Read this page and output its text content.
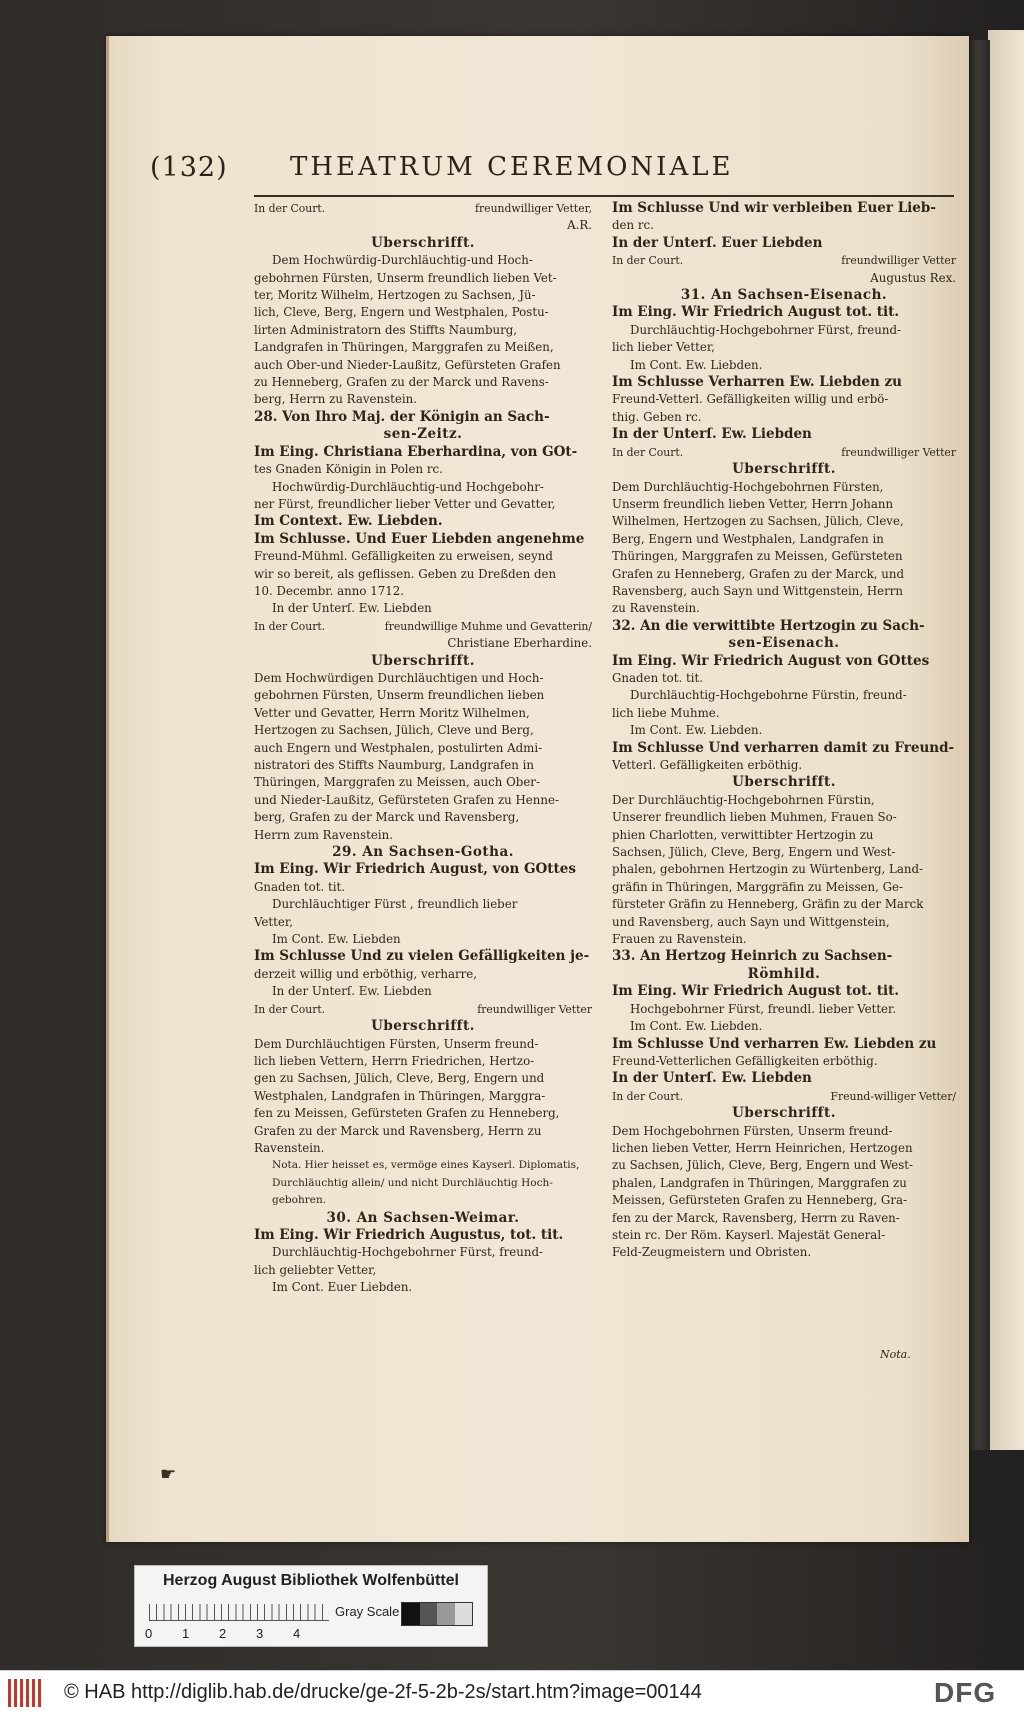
(132) THEATRUM CEREMONIALE
In der Court.	freundwilliger Vetter,
A.R.
Uberschrifft.
Dem Hochwürdig-Durchläuchtig-und Hoch-
gebohrnen Fürsten, Unserm freundlich lieben Vet-
ter, Moritz Wilhelm, Hertzogen zu Sachsen, Jü-
lich, Cleve, Berg, Engern und Westphalen, Postu-
lirten Administratorn des Stiffts Naumburg,
Landgrafen in Thüringen, Marggrafen zu Meißen,
auch Ober-und Nieder-Laußitz, Gefürsteten Grafen
zu Henneberg, Grafen zu der Marck und Ravens-
berg, Herrn zu Ravenstein.
28. Von Ihro Maj. der Königin an Sach-
sen-Zeitz.
Im Eing. Christiana Eberhardina, von GOt-
tes Gnaden Königin in Polen rc.
Hochwürdig-Durchläuchtig-und Hochgebohr-
ner Fürst, freundlicher lieber Vetter und Gevatter,
Im Context. Ew. Liebden.
Im Schlusse. Und Euer Liebden angenehme
Freund-Mühml. Gefälligkeiten zu erweisen, seynd
wir so bereit, als geflissen. Geben zu Dreßden den
10. Decembr. anno 1712.
In der Unterſ. Ew. Liebden
In der Court.	freundwillige Muhme und Gevatterin/
Christiane Eberhardine.
Uberschrifft.
Dem Hochwürdigen Durchläuchtigen und Hoch-
gebohrnen Fürsten, Unserm freundlichen lieben
Vetter und Gevatter, Herrn Moritz Wilhelmen,
Hertzogen zu Sachsen, Jülich, Cleve und Berg,
auch Engern und Westphalen, postulirten Admi-
nistratori des Stiffts Naumburg, Landgrafen in
Thüringen, Marggrafen zu Meissen, auch Ober-
und Nieder-Laußitz, Gefürsteten Grafen zu Henne-
berg, Grafen zu der Marck und Ravensberg,
Herrn zum Ravenstein.
29. An Sachsen-Gotha.
Im Eing. Wir Friedrich August, von GOttes
Gnaden tot. tit.
Durchläuchtiger Fürst , freundlich lieber
Vetter,
Im Cont. Ew. Liebden
Im Schlusse Und zu vielen Gefälligkeiten je-
derzeit willig und erböthig, verharre,
In der Unterſ. Ew. Liebden
In der Court.	freundwilliger Vetter
Uberschrifft.
Dem Durchläuchtigen Fürsten, Unserm freund-
lich lieben Vettern, Herrn Friedrichen, Hertzo-
gen zu Sachsen, Jülich, Cleve, Berg, Engern und
Westphalen, Landgrafen in Thüringen, Marggra-
fen zu Meissen, Gefürsteten Grafen zu Henneberg,
Grafen zu der Marck und Ravensberg, Herrn zu
Ravenstein.
Nota. Hier heisset es, vermöge eines Kayserl. Diplomatis,
Durchläuchtig allein/ und nicht Durchläuchtig Hoch-
gebohren.
30. An Sachsen-Weimar.
Im Eing. Wir Friedrich Augustus, tot. tit.
Durchläuchtig-Hochgebohrner Fürst, freund-
lich geliebter Vetter,
Im Cont. Euer Liebden.
Im Schlusse Und wir verbleiben Euer Lieb-
den rc.
In der Unterſ. Euer Liebden
In der Court.	freundwilliger Vetter
Augustus Rex.
31. An Sachsen-Eisenach.
Im Eing. Wir Friedrich August tot. tit.
Durchläuchtig-Hochgebohrner Fürst, freund-
lich lieber Vetter,
Im Cont. Ew. Liebden.
Im Schlusse Verharren Ew. Liebden zu
Freund-Vetterl. Gefälligkeiten willig und erbö-
thig. Geben rc.
In der Unterſ. Ew. Liebden
In der Court.	freundwilliger Vetter
Uberschrifft.
Dem Durchläuchtig-Hochgebohrnen Fürsten,
Unserm freundlich lieben Vetter, Herrn Johann
Wilhelmen, Hertzogen zu Sachsen, Jülich, Cleve,
Berg, Engern und Westphalen, Landgrafen in
Thüringen, Marggrafen zu Meissen, Gefürsteten
Grafen zu Henneberg, Grafen zu der Marck, und
Ravensberg, auch Sayn und Wittgenstein, Herrn
zu Ravenstein.
32. An die verwittibte Hertzogin zu Sach-
sen-Eisenach.
Im Eing. Wir Friedrich August von GOttes
Gnaden tot. tit.
Durchläuchtig-Hochgebohrne Fürstin, freund-
lich liebe Muhme.
Im Cont. Ew. Liebden.
Im Schlusse Und verharren damit zu Freund-
Vetterl. Gefälligkeiten erböthig.
Uberschrifft.
Der Durchläuchtig-Hochgebohrnen Fürstin,
Unserer freundlich lieben Muhmen, Frauen So-
phien Charlotten, verwittibter Hertzogin zu
Sachsen, Jülich, Cleve, Berg, Engern und West-
phalen, gebohrnen Hertzogin zu Würtenberg, Land-
gräfin in Thüringen, Marggräfin zu Meissen, Ge-
fürsteter Gräfin zu Henneberg, Gräfin zu der Marck
und Ravensberg, auch Sayn und Wittgenstein,
Frauen zu Ravenstein.
33. An Hertzog Heinrich zu Sachsen-
Römhild.
Im Eing. Wir Friedrich August tot. tit.
Hochgebohrner Fürst, freundl. lieber Vetter.
Im Cont. Ew. Liebden.
Im Schlusse Und verharren Ew. Liebden zu
Freund-Vetterlichen Gefälligkeiten erböthig.
In der Unterſ. Ew. Liebden
In der Court.	Freund-williger Vetter/
Uberschrifft.
Dem Hochgebohrnen Fürsten, Unserm freund-
lichen lieben Vetter, Herrn Heinrichen, Hertzogen
zu Sachsen, Jülich, Cleve, Berg, Engern und West-
phalen, Landgrafen in Thüringen, Marggrafen zu
Meissen, Gefürsteten Grafen zu Henneberg, Gra-
fen zu der Marck, Ravensberg, Herrn zu Raven-
stein rc. Der Röm. Kayserl. Majestät General-
Feld-Zeugmeistern und Obristen.
Nota.
☛
Herzog August Bibliothek Wolfenbüttel
0 1 2 3 4
Gray Scale
© HAB http://diglib.hab.de/drucke/ge-2f-5-2b-2s/start.htm?image=00144	DFG
